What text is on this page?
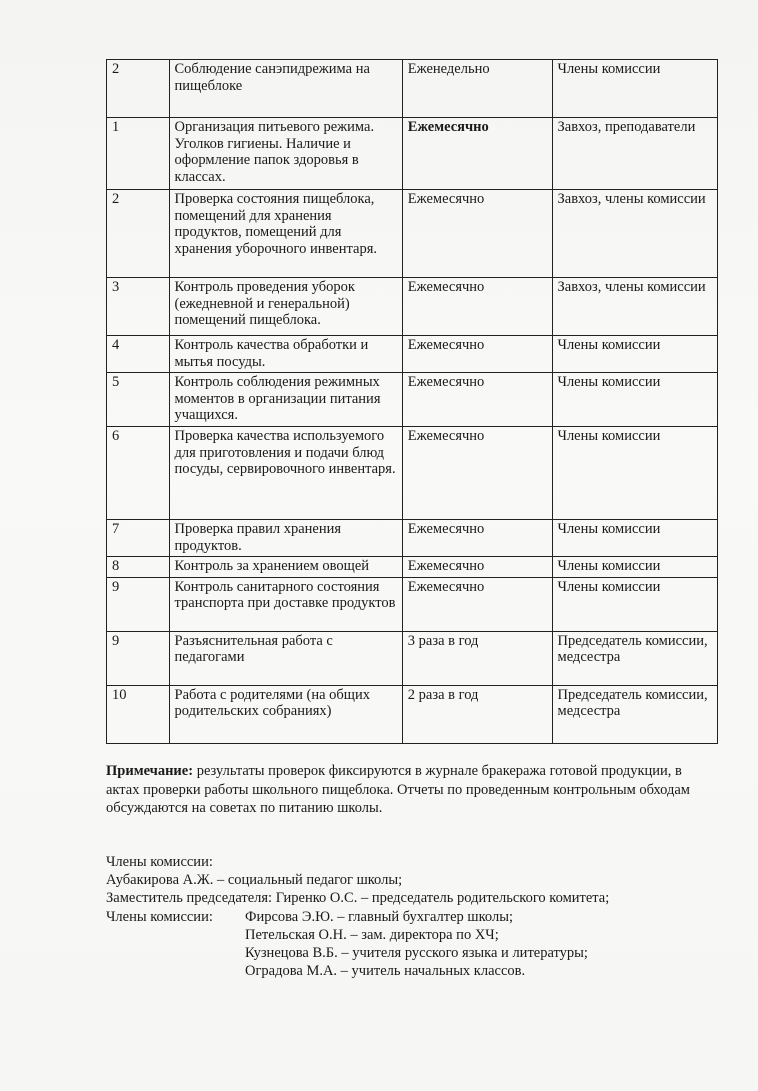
2	Соблюдение санэпидрежима на пищеблоке	Еженедельно	Члены комиссии
1	Организация питьевого режима. Уголков гигиены. Наличие и оформление папок здоровья в классах.	Ежемесячно	Завхоз, преподаватели
2	Проверка состояния пищеблока, помещений для хранения продуктов, помещений для хранения уборочного инвентаря.	Ежемесячно	Завхоз, члены комиссии
3	Контроль проведения уборок (ежедневной и генеральной) помещений пищеблока.	Ежемесячно	Завхоз, члены комиссии
4	Контроль качества обработки и мытья посуды.	Ежемесячно	Члены комиссии
5	Контроль соблюдения режимных моментов в организации питания учащихся.	Ежемесячно	Члены комиссии
6	Проверка качества используемого для приготовления и подачи блюд посуды, сервировочного инвентаря.	Ежемесячно	Члены комиссии
7	Проверка правил хранения продуктов.	Ежемесячно	Члены комиссии
8	Контроль за хранением овощей	Ежемесячно	Члены комиссии
9	Контроль санитарного состояния транспорта при доставке продуктов	Ежемесячно	Члены комиссии
9	Разъяснительная работа с педагогами	3 раза в год	Председатель комиссии, медсестра
10	Работа с родителями (на общих родительских собраниях)	2 раза в год	Председатель комиссии, медсестра
Примечание: результаты проверок фиксируются в журнале бракеража готовой продукции, в актах проверки работы школьного пищеблока. Отчеты по проведенным контрольным обходам обсуждаются на советах по питанию школы.
Члены комиссии:
Аубакирова А.Ж. – социальный педагог школы;
Заместитель председателя: Гиренко О.С. – председатель родительского комитета;
Члены комиссии: Фирсова Э.Ю. – главный бухгалтер школы;
Петельская О.Н. – зам. директора по ХЧ;
Кузнецова В.Б. – учителя русского языка и литературы;
Оградова М.А. – учитель начальных классов.
